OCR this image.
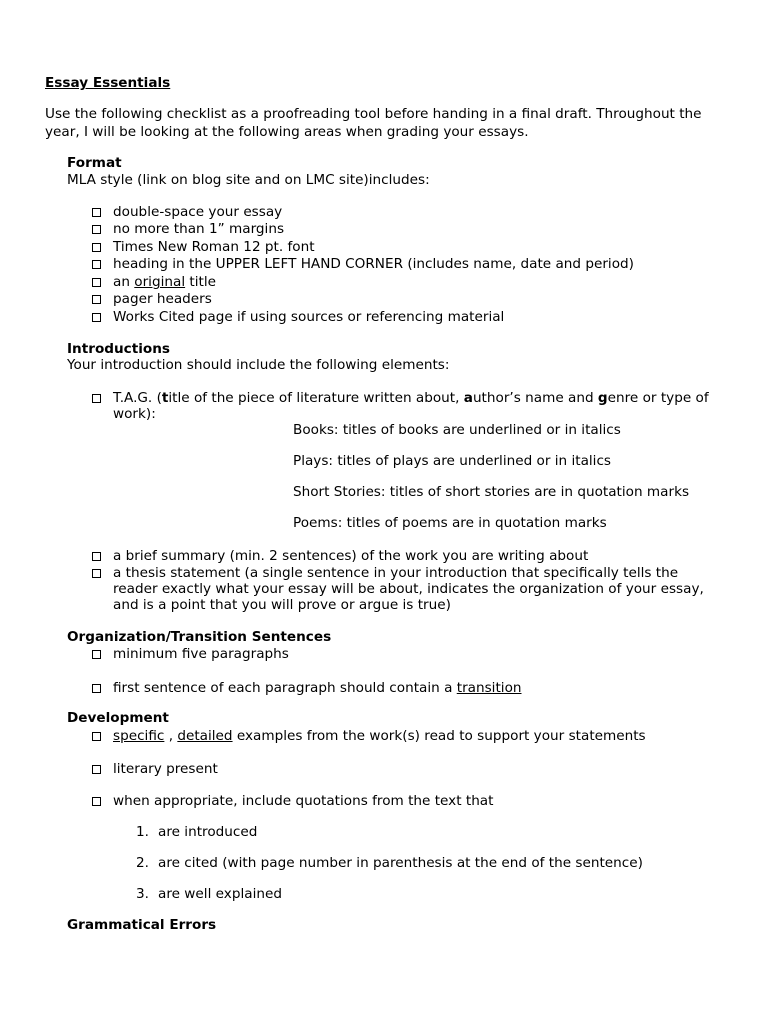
Essay Essentials
Use the following checklist as a proofreading tool before handing in a final draft. Throughout the
year, I will be looking at the following areas when grading your essays.
Format
MLA style (link on blog site and on LMC site)includes:
double-space your essay
no more than 1” margins
Times New Roman 12 pt. font
heading in the UPPER LEFT HAND CORNER (includes name, date and period)
an original title
pager headers
Works Cited page if using sources or referencing material
Introductions
Your introduction should include the following elements:
T.A.G. (title of the piece of literature written about, author’s name and genre or type of
work):
Books: titles of books are underlined or in italics
Plays: titles of plays are underlined or in italics
Short Stories: titles of short stories are in quotation marks
Poems: titles of poems are in quotation marks
a brief summary (min. 2 sentences) of the work you are writing about
a thesis statement (a single sentence in your introduction that specifically tells the
reader exactly what your essay will be about, indicates the organization of your essay,
and is a point that you will prove or argue is true)
Organization/Transition Sentences
minimum five paragraphs
first sentence of each paragraph should contain a transition
Development
specific , detailed examples from the work(s) read to support your statements
literary present
when appropriate, include quotations from the text that
1. are introduced
2. are cited (with page number in parenthesis at the end of the sentence)
3. are well explained
Grammatical Errors
